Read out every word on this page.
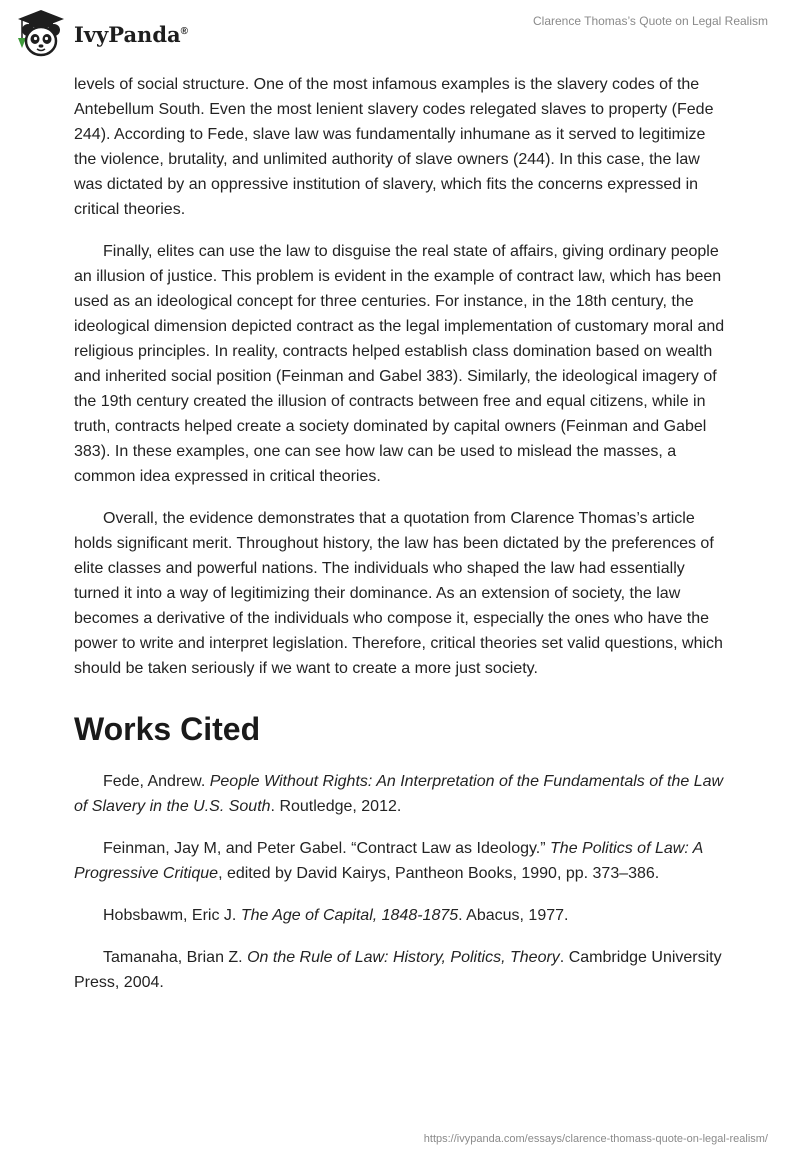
IvyPanda®
Clarence Thomas’s Quote on Legal Realism

levels of social structure. One of the most infamous examples is the slavery codes of the Antebellum South. Even the most lenient slavery codes relegated slaves to property (Fede 244). According to Fede, slave law was fundamentally inhumane as it served to legitimize the violence, brutality, and unlimited authority of slave owners (244). In this case, the law was dictated by an oppressive institution of slavery, which fits the concerns expressed in critical theories.

Finally, elites can use the law to disguise the real state of affairs, giving ordinary people an illusion of justice. This problem is evident in the example of contract law, which has been used as an ideological concept for three centuries. For instance, in the 18th century, the ideological dimension depicted contract as the legal implementation of customary moral and religious principles. In reality, contracts helped establish class domination based on wealth and inherited social position (Feinman and Gabel 383). Similarly, the ideological imagery of the 19th century created the illusion of contracts between free and equal citizens, while in truth, contracts helped create a society dominated by capital owners (Feinman and Gabel 383). In these examples, one can see how law can be used to mislead the masses, a common idea expressed in critical theories.

Overall, the evidence demonstrates that a quotation from Clarence Thomas’s article holds significant merit. Throughout history, the law has been dictated by the preferences of elite classes and powerful nations. The individuals who shaped the law had essentially turned it into a way of legitimizing their dominance. As an extension of society, the law becomes a derivative of the individuals who compose it, especially the ones who have the power to write and interpret legislation. Therefore, critical theories set valid questions, which should be taken seriously if we want to create a more just society.

Works Cited

Fede, Andrew. People Without Rights: An Interpretation of the Fundamentals of the Law of Slavery in the U.S. South. Routledge, 2012.

Feinman, Jay M, and Peter Gabel. “Contract Law as Ideology.” The Politics of Law: A Progressive Critique, edited by David Kairys, Pantheon Books, 1990, pp. 373–386.

Hobsbawm, Eric J. The Age of Capital, 1848-1875. Abacus, 1977.

Tamanaha, Brian Z. On the Rule of Law: History, Politics, Theory. Cambridge University Press, 2004.

https://ivypanda.com/essays/clarence-thomass-quote-on-legal-realism/
